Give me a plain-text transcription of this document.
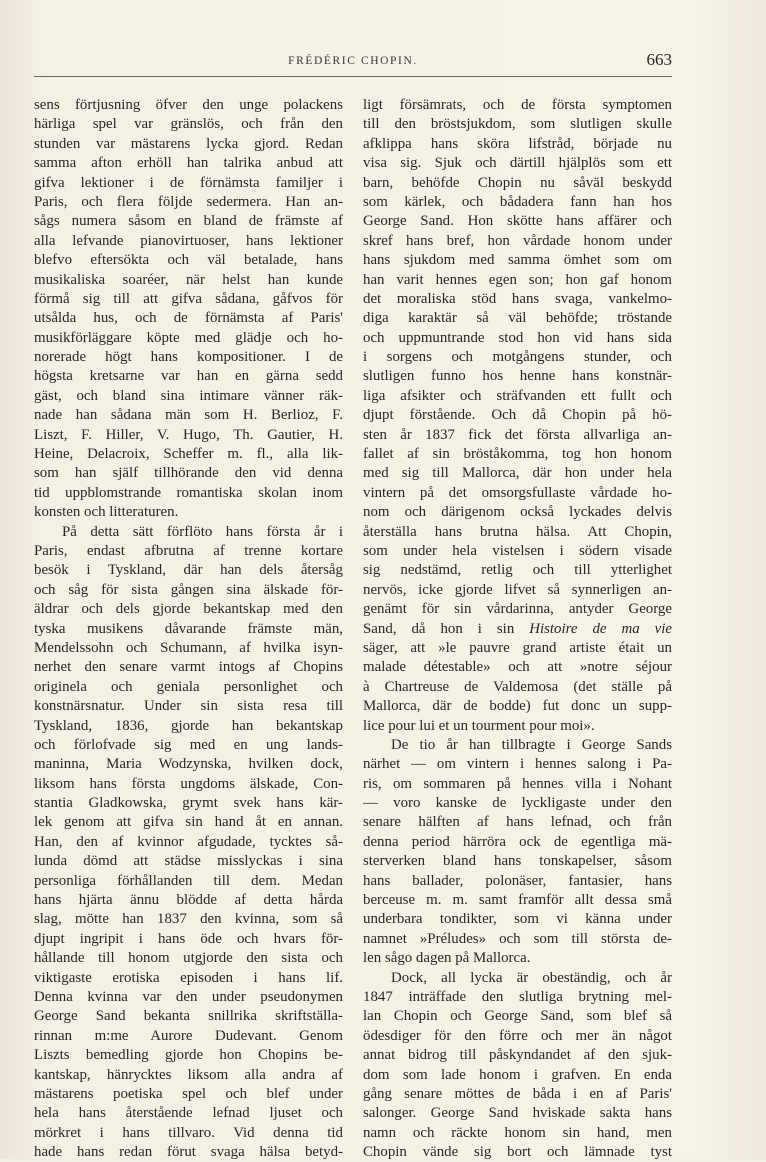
FRÉDÉRIC CHOPIN.	663
sens förtjusning öfver den unge polackens
härliga spel var gränslös, och från den
stunden var mästarens lycka gjord. Redan
samma afton erhöll han talrika anbud att
gifva lektioner i de förnämsta familjer i
Paris, och flera följde sedermera. Han an-
sågs numera såsom en bland de främste af
alla lefvande pianovirtuoser, hans lektioner
blefvo eftersökta och väl betalade, hans
musikaliska soaréer, när helst han kunde
förmå sig till att gifva sådana, gåfvos för
utsålda hus, och de förnämsta af Paris'
musikförläggare köpte med glädje och ho-
norerade högt hans kompositioner. I de
högsta kretsarne var han en gärna sedd
gäst, och bland sina intimare vänner räk-
nade han sådana män som H. Berlioz, F.
Liszt, F. Hiller, V. Hugo, Th. Gautier, H.
Heine, Delacroix, Scheffer m. fl., alla lik-
som han själf tillhörande den vid denna
tid uppblomstrande romantiska skolan inom
konsten och litteraturen.
På detta sätt förflöto hans första år i
Paris, endast afbrutna af trenne kortare
besök i Tyskland, där han dels återsåg
och såg för sista gången sina älskade för-
äldrar och dels gjorde bekantskap med den
tyska musikens dåvarande främste män,
Mendelssohn och Schumann, af hvilka isyn-
nerhet den senare varmt intogs af Chopins
originela och geniala personlighet och
konstnärsnatur. Under sin sista resa till
Tyskland, 1836, gjorde han bekantskap
och förlofvade sig med en ung lands-
maninna, Maria Wodzynska, hvilken dock,
liksom hans första ungdoms älskade, Con-
stantia Gladkowska, grymt svek hans kär-
lek genom att gifva sin hand åt en annan.
Han, den af kvinnor afgudade, tycktes så-
lunda dömd att städse misslyckas i sina
personliga förhållanden till dem. Medan
hans hjärta ännu blödde af detta hårda
slag, mötte han 1837 den kvinna, som så
djupt ingripit i hans öde och hvars för-
hållande till honom utgjorde den sista och
viktigaste erotiska episoden i hans lif.
Denna kvinna var den under pseudonymen
George Sand bekanta snillrika skriftställa-
rinnan m:me Aurore Dudevant. Genom
Liszts bemedling gjorde hon Chopins be-
kantskap, hänrycktes liksom alla andra af
mästarens poetiska spel och blef under
hela hans återstående lefnad ljuset och
mörkret i hans tillvaro. Vid denna tid
hade hans redan förut svaga hälsa betyd-
ligt försämrats, och de första symptomen
till den bröstsjukdom, som slutligen skulle
afklippa hans sköra lifstråd, började nu
visa sig. Sjuk och därtill hjälplös som ett
barn, behöfde Chopin nu såväl beskydd
som kärlek, och bådadera fann han hos
George Sand. Hon skötte hans affärer och
skref hans bref, hon vårdade honom under
hans sjukdom med samma ömhet som om
han varit hennes egen son; hon gaf honom
det moraliska stöd hans svaga, vankelmo-
diga karaktär så väl behöfde; tröstande
och uppmuntrande stod hon vid hans sida
i sorgens och motgångens stunder, och
slutligen funno hos henne hans konstnär-
liga afsikter och sträfvanden ett fullt och
djupt förstående. Och då Chopin på hö-
sten år 1837 fick det första allvarliga an-
fallet af sin bröståkomma, tog hon honom
med sig till Mallorca, där hon under hela
vintern på det omsorgsfullaste vårdade ho-
nom och därigenom också lyckades delvis
återställa hans brutna hälsa. Att Chopin,
som under hela vistelsen i södern visade
sig nedstämd, retlig och till ytterlighet
nervös, icke gjorde lifvet så synnerligen an-
genämt för sin vårdarinna, antyder George
Sand, då hon i sin Histoire de ma vie
säger, att »le pauvre grand artiste était un
malade détestable» och att »notre séjour
à Chartreuse de Valdemosa (det ställe på
Mallorca, där de bodde) fut donc un supp-
lice pour lui et un tourment pour moi».
De tio år han tillbragte i George Sands
närhet — om vintern i hennes salong i Pa-
ris, om sommaren på hennes villa i Nohant
— voro kanske de lyckligaste under den
senare hälften af hans lefnad, och från
denna period härröra ock de egentliga mä-
sterverken bland hans tonskapelser, såsom
hans ballader, polonäser, fantasier, hans
berceuse m. m. samt framför allt dessa små
underbara tondikter, som vi känna under
namnet »Préludes» och som till största de-
len sågo dagen på Mallorca.
Dock, all lycka är obeständig, och år
1847 inträffade den slutliga brytning mel-
lan Chopin och George Sand, som blef så
ödesdiger för den förre och mer än något
annat bidrog till påskyndandet af den sjuk-
dom som lade honom i grafven. En enda
gång senare möttes de båda i en af Paris'
salonger. George Sand hviskade sakta hans
namn och räckte honom sin hand, men
Chopin vände sig bort och lämnade tyst
